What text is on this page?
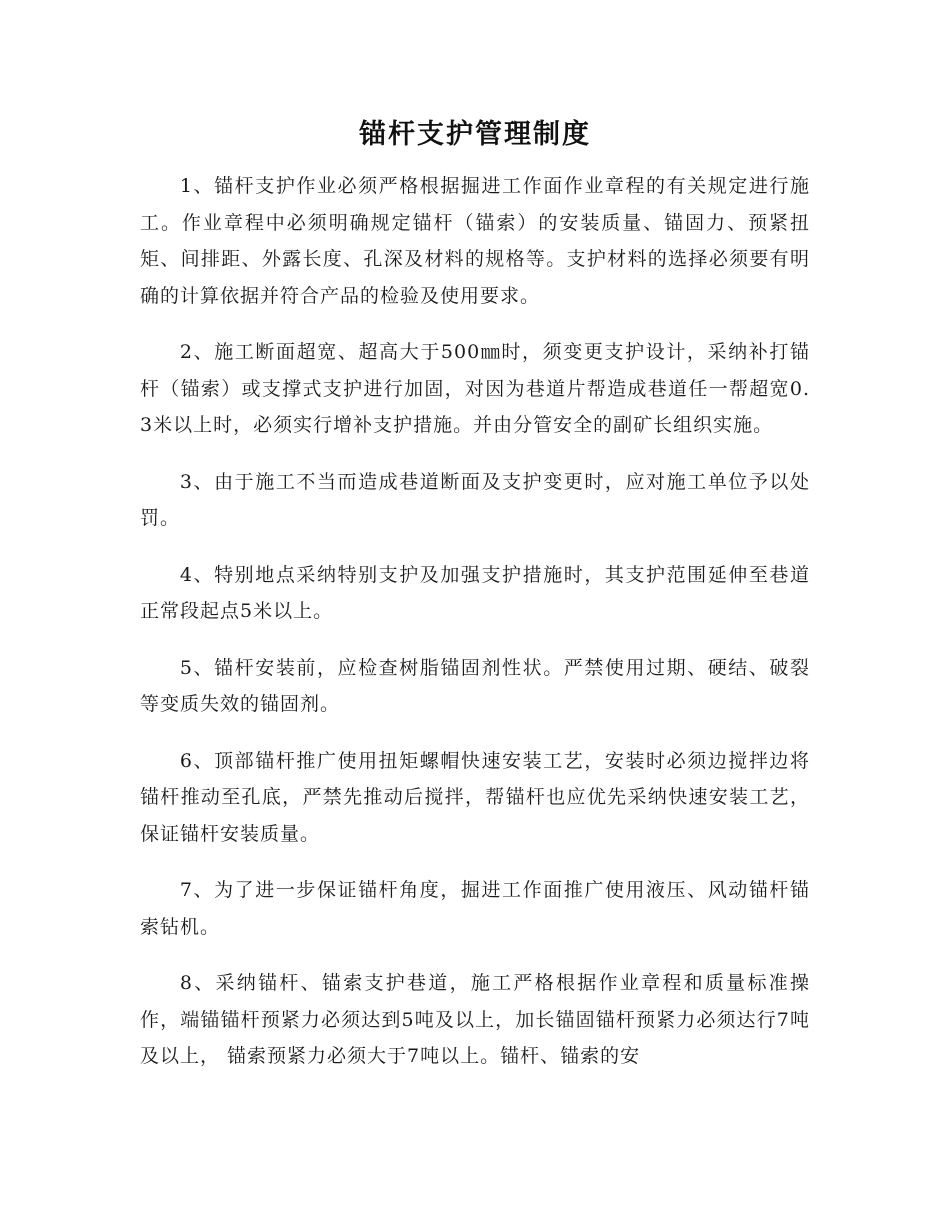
锚杆支护管理制度

1、锚杆支护作业必须严格根据掘进工作面作业章程的有关规定进行施工。作业章程中必须明确规定锚杆（锚索）的安装质量、锚固力、预紧扭矩、间排距、外露长度、孔深及材料的规格等。支护材料的选择必须要有明确的计算依据并符合产品的检验及使用要求。

2、施工断面超宽、超高大于500㎜时，须变更支护设计，采纳补打锚杆（锚索）或支撑式支护进行加固，对因为巷道片帮造成巷道任一帮超宽0.3米以上时，必须实行增补支护措施。并由分管安全的副矿长组织实施。

3、由于施工不当而造成巷道断面及支护变更时，应对施工单位予以处罚。

4、特别地点采纳特别支护及加强支护措施时，其支护范围延伸至巷道正常段起点5米以上。

5、锚杆安装前，应检查树脂锚固剂性状。严禁使用过期、硬结、破裂等变质失效的锚固剂。

6、顶部锚杆推广使用扭矩螺帽快速安装工艺，安装时必须边搅拌边将锚杆推动至孔底，严禁先推动后搅拌，帮锚杆也应优先采纳快速安装工艺，保证锚杆安装质量。

7、为了进一步保证锚杆角度，掘进工作面推广使用液压、风动锚杆锚索钻机。

8、采纳锚杆、锚索支护巷道，施工严格根据作业章程和质量标准操作，端锚锚杆预紧力必须达到5吨及以上，加长锚固锚杆预紧力必须达行7吨及以上， 锚索预紧力必须大于7吨以上。锚杆、锚索的安
